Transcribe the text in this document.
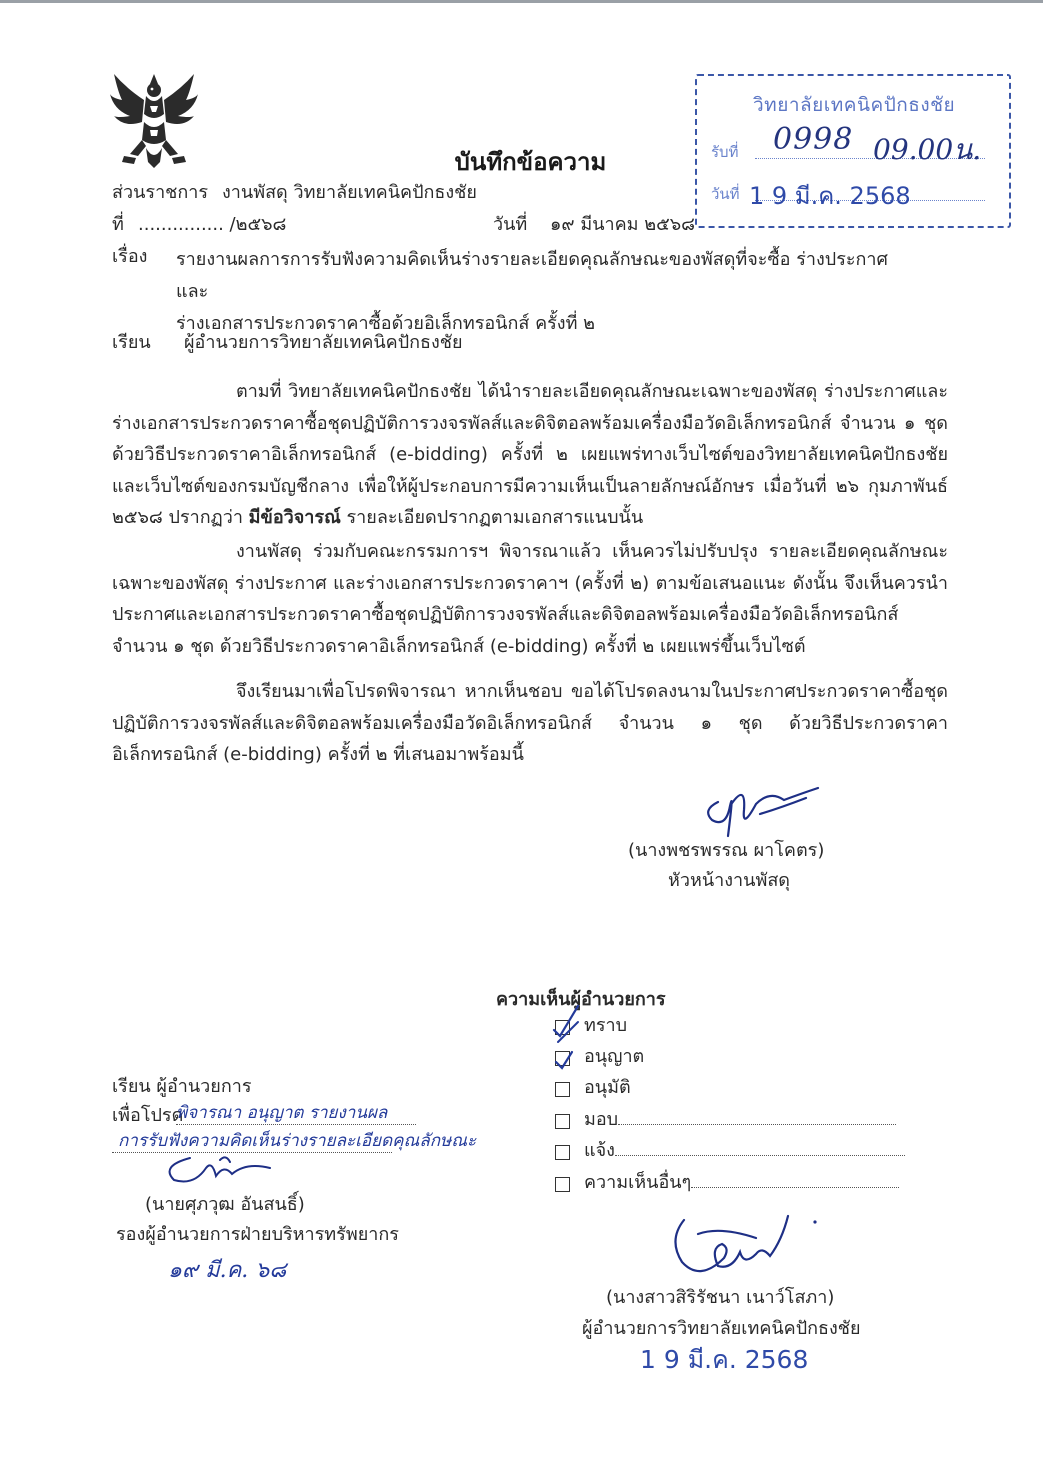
บันทึกข้อความ
วิทยาลัยเทคนิคปักธงชัย
รับที่ 0998 09.00น.
วันที่ 1 9 มี.ค. 2568
ส่วนราชการ งานพัสดุ วิทยาลัยเทคนิคปักธงชัย
ที่ ............... /๒๕๖๘	วันที่ ๑๙ มีนาคม ๒๕๖๘
เรื่อง รายงานผลการการรับฟังความคิดเห็นร่างรายละเอียดคุณลักษณะของพัสดุที่จะซื้อ ร่างประกาศและ
ร่างเอกสารประกวดราคาซื้อด้วยอิเล็กทรอนิกส์ ครั้งที่ ๒
เรียน ผู้อำนวยการวิทยาลัยเทคนิคปักธงชัย
ตามที่ วิทยาลัยเทคนิคปักธงชัย ได้นำรายละเอียดคุณลักษณะเฉพาะของพัสดุ ร่างประกาศและร่างเอกสารประกวดราคาซื้อชุดปฏิบัติการวงจรพัลส์และดิจิตอลพร้อมเครื่องมือวัดอิเล็กทรอนิกส์ จำนวน ๑ ชุด ด้วยวิธีประกวดราคาอิเล็กทรอนิกส์ (e-bidding) ครั้งที่ ๒ เผยแพร่ทางเว็บไซต์ของวิทยาลัยเทคนิคปักธงชัย และเว็บไซต์ของกรมบัญชีกลาง เพื่อให้ผู้ประกอบการมีความเห็นเป็นลายลักษณ์อักษร เมื่อวันที่ ๒๖ กุมภาพันธ์ ๒๕๖๘ ปรากฏว่า มีข้อวิจารณ์ รายละเอียดปรากฏตามเอกสารแนบนั้น
งานพัสดุ ร่วมกับคณะกรรมการฯ พิจารณาแล้ว เห็นควรไม่ปรับปรุง รายละเอียดคุณลักษณะเฉพาะของพัสดุ ร่างประกาศ และร่างเอกสารประกวดราคาฯ (ครั้งที่ ๒) ตามข้อเสนอแนะ ดังนั้น จึงเห็นควรนำประกาศและเอกสารประกวดราคาซื้อชุดปฏิบัติการวงจรพัลส์และดิจิตอลพร้อมเครื่องมือวัดอิเล็กทรอนิกส์ จำนวน ๑ ชุด ด้วยวิธีประกวดราคาอิเล็กทรอนิกส์ (e-bidding) ครั้งที่ ๒ เผยแพร่ขึ้นเว็บไซต์
จึงเรียนมาเพื่อโปรดพิจารณา หากเห็นชอบ ขอได้โปรดลงนามในประกาศประกวดราคาซื้อชุดปฏิบัติการวงจรพัลส์และดิจิตอลพร้อมเครื่องมือวัดอิเล็กทรอนิกส์ จำนวน ๑ ชุด ด้วยวิธีประกวดราคาอิเล็กทรอนิกส์ (e-bidding) ครั้งที่ ๒ ที่เสนอมาพร้อมนี้
(นางพชรพรรณ ผาโคตร)
หัวหน้างานพัสดุ
ความเห็นผู้อำนวยการ
ทราบ
อนุญาต
อนุมัติ
มอบ
แจ้ง
ความเห็นอื่นๆ
เรียน ผู้อำนวยการ
เพื่อโปรด
พิจารณา อนุญาต รายงานผล
การรับฟังความคิดเห็นร่างรายละเอียดคุณลักษณะ
(นายศุภวุฒ อันสนธิ์)
รองผู้อำนวยการฝ่ายบริหารทรัพยากร
๑๙ มี.ค. ๖๘
(นางสาวสิริรัชนา เนาว์โสภา)
ผู้อำนวยการวิทยาลัยเทคนิคปักธงชัย
1 9 มี.ค. 2568
